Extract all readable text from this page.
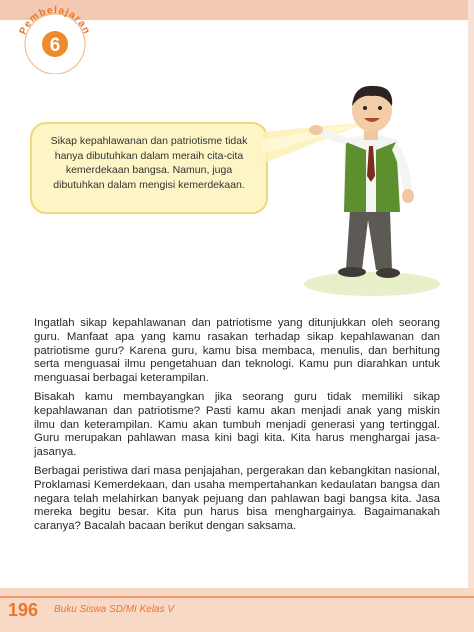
Pembelajaran
6
Sikap kepahlawanan dan patriotisme tidak hanya dibutuhkan dalam meraih cita-cita kemerdekaan bangsa. Namun, juga dibutuhkan dalam mengisi kemerdekaan.

Ingatlah sikap kepahlawanan dan patriotisme yang ditunjukkan oleh seorang guru. Manfaat apa yang kamu rasakan terhadap sikap kepahlawanan dan patriotisme guru? Karena guru, kamu bisa membaca, menulis, dan berhitung serta menguasai ilmu pengetahuan dan teknologi. Kamu pun diarahkan untuk menguasai berbagai keterampilan.

Bisakah kamu membayangkan jika seorang guru tidak memiliki sikap kepahlawanan dan patriotisme? Pasti kamu akan menjadi anak yang miskin ilmu dan keterampilan. Kamu akan tumbuh menjadi generasi yang tertinggal. Guru merupakan pahlawan masa kini bagi kita. Kita harus menghargai jasa-jasanya.

Berbagai peristiwa dari masa penjajahan, pergerakan dan kebangkitan nasional, Proklamasi Kemerdekaan, dan usaha mempertahankan kedaulatan bangsa dan negara telah melahirkan banyak pejuang dan pahlawan bagi bangsa kita. Jasa mereka begitu besar. Kita pun harus bisa menghargainya. Bagaimanakah caranya? Bacalah bacaan berikut dengan saksama.

196 Buku Siswa SD/MI Kelas V
